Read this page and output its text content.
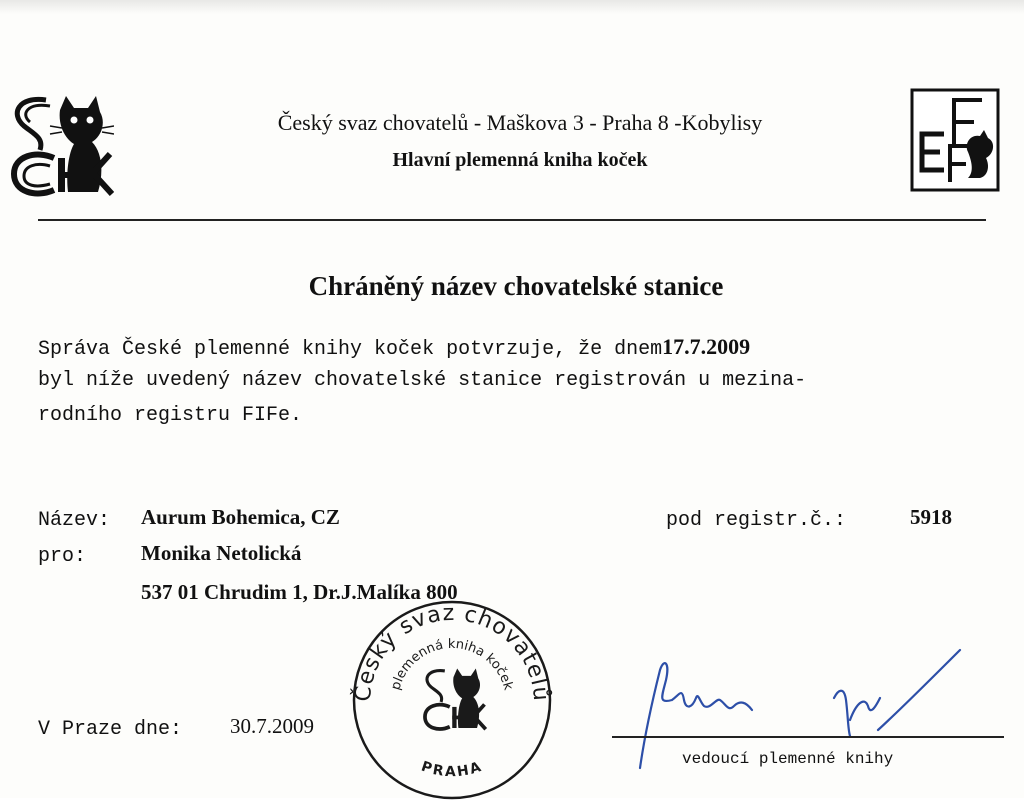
Český svaz chovatelů - Maškova 3 - Praha 8 -Kobylisy
Hlavní plemenná kniha koček
Chráněný název chovatelské stanice
Správa České plemenné knihy koček potvrzuje, že dnem17.7.2009
byl níže uvedený název chovatelské stanice registrován u mezina-
rodního registru FIFe.
Název: Aurum Bohemica, CZ
pro:	Monika Netolická
537 01 Chrudim 1, Dr.J.Malíka 800
pod registr.č.:	5918
V Praze dne: 30.7.2009
Český svaz chovatelů
plemenná kniha koček
PRAHA	vedoucí plemenné knihy
